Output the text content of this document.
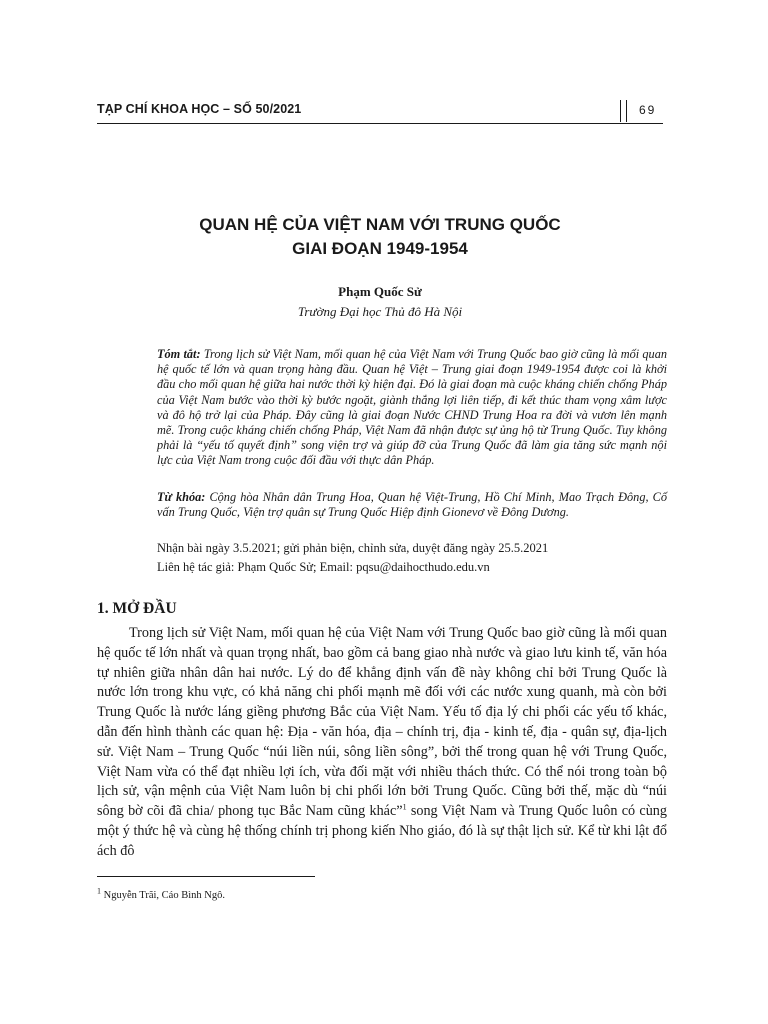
TẠP CHÍ KHOA HỌC – SỐ 50/2021	69
QUAN HỆ CỦA VIỆT NAM VỚI TRUNG QUỐC
GIAI ĐOẠN 1949-1954
Phạm Quốc Sử
Trường Đại học Thủ đô Hà Nội

Tóm tắt: Trong lịch sử Việt Nam, mối quan hệ của Việt Nam với Trung Quốc bao giờ cũng là mối quan hệ quốc tế lớn và quan trọng hàng đầu. Quan hệ Việt – Trung giai đoạn 1949-1954 được coi là khởi đầu cho mối quan hệ giữa hai nước thời kỳ hiện đại. Đó là giai đoạn mà cuộc kháng chiến chống Pháp của Việt Nam bước vào thời kỳ bước ngoặt, giành thắng lợi liên tiếp, đi kết thúc tham vọng xâm lược và đô hộ trở lại của Pháp. Đây cũng là giai đoạn Nước CHND Trung Hoa ra đời và vươn lên mạnh mẽ. Trong cuộc kháng chiến chống Pháp, Việt Nam đã nhận được sự ủng hộ từ Trung Quốc. Tuy không phải là “yếu tố quyết định” song viện trợ và giúp đỡ của Trung Quốc đã làm gia tăng sức mạnh nội lực của Việt Nam trong cuộc đối đầu với thực dân Pháp.

Từ khóa: Cộng hòa Nhân dân Trung Hoa, Quan hệ Việt-Trung, Hồ Chí Minh, Mao Trạch Đông, Cố vấn Trung Quốc, Viện trợ quân sự Trung Quốc Hiệp định Gionevơ về Đông Dương.

Nhận bài ngày 3.5.2021; gửi phản biện, chỉnh sửa, duyệt đăng ngày 25.5.2021

Liên hệ tác giả: Phạm Quốc Sử; Email: pqsu@daihocthudo.edu.vn

1. MỞ ĐẦU

Trong lịch sử Việt Nam, mối quan hệ của Việt Nam với Trung Quốc bao giờ cũng là mối quan hệ quốc tế lớn nhất và quan trọng nhất, bao gồm cả bang giao nhà nước và giao lưu kinh tế, văn hóa tự nhiên giữa nhân dân hai nước. Lý do để khẳng định vấn đề này không chỉ bởi Trung Quốc là nước lớn trong khu vực, có khả năng chi phối mạnh mẽ đối với các nước xung quanh, mà còn bởi Trung Quốc là nước láng giềng phương Bắc của Việt Nam. Yếu tố địa lý chi phối các yếu tố khác, dẫn đến hình thành các quan hệ: Địa - văn hóa, địa – chính trị, địa - kinh tế, địa - quân sự, địa-lịch sử. Việt Nam – Trung Quốc “núi liền núi, sông liền sông”, bởi thế trong quan hệ với Trung Quốc, Việt Nam vừa có thể đạt nhiều lợi ích, vừa đối mặt với nhiều thách thức. Có thể nói trong toàn bộ lịch sử, vận mệnh của Việt Nam luôn bị chi phối lớn bởi Trung Quốc. Cũng bởi thế, mặc dù “núi sông bờ cõi đã chia/ phong tục Bắc Nam cũng khác”$^1$ song Việt Nam và Trung Quốc luôn có cùng một ý thức hệ và cùng hệ thống chính trị phong kiến Nho giáo, đó là sự thật lịch sử. Kể từ khi lật đổ ách đô

$^1$ Nguyễn Trãi, Cáo Bình Ngô.
